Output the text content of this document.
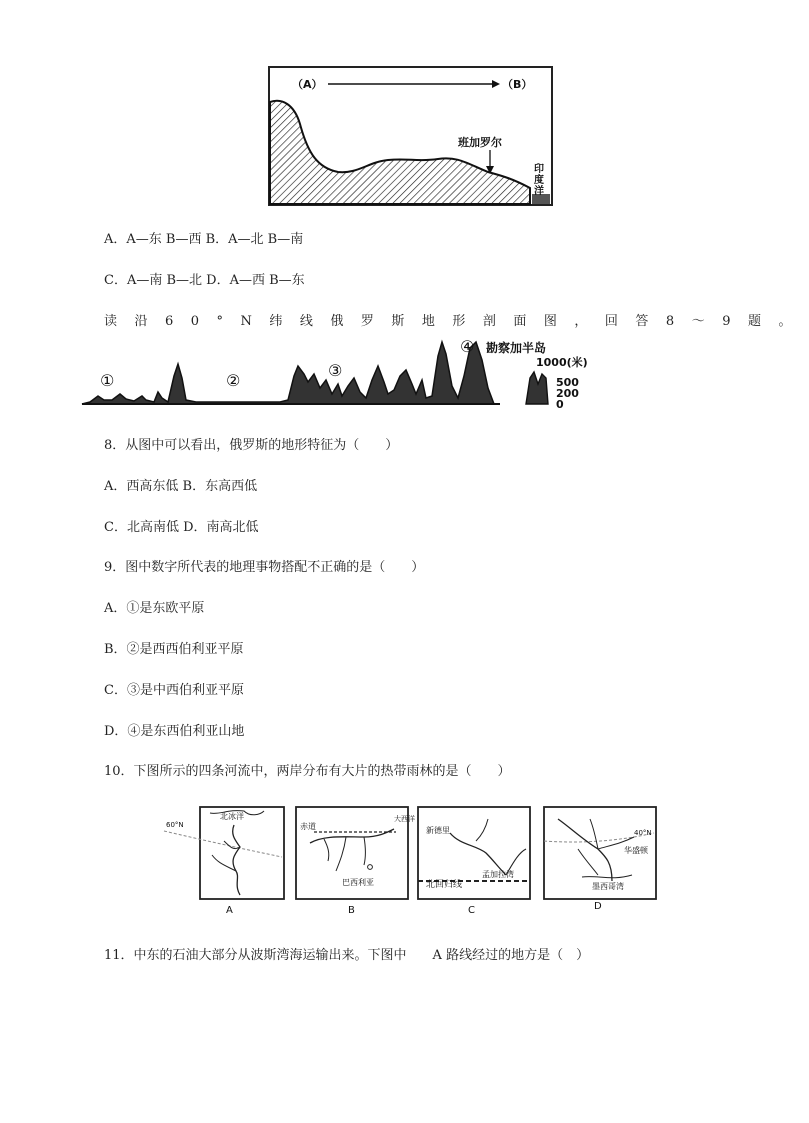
（A）	（B）
班加罗尔
印
度
洋
A．A—东 B—西 B．A—北 B—南
C．A—南 B—北 D．A—西 B—东
读沿60°N纬线俄罗斯地形剖面图，回答8～9题。
①	②
③
④ 勘察加半岛
1000(米)
500
200
0
8．从图中可以看出，俄罗斯的地形特征为（　　）
A．西高东低 B．东高西低
C．北高南低 D．南高北低
9．图中数字所代表的地理事物搭配不正确的是（　　）
A．①是东欧平原
B．②是西西伯利亚平原
C．③是中西伯利亚平原
D．④是东西伯利亚山地
10．下图所示的四条河流中，两岸分布有大片的热带雨林的是（　　）
北冰洋
60°N
A
赤道
大西洋
巴西利亚
B
新德里
孟加拉湾
北回归线
C
40°N
华盛顿
墨西哥湾
D
11．中东的石油大部分从波斯湾海运输出来。下图中　　A 路线经过的地方是（　）
